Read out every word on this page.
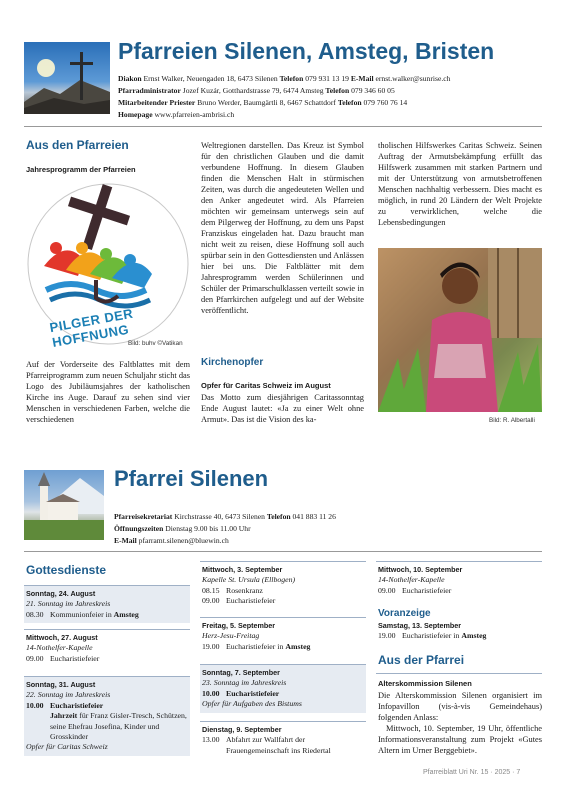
Pfarreien Silenen, Amsteg, Bristen
Diakon Ernst Walker, Neuengaden 18, 6473 Silenen Telefon 079 931 13 19 E-Mail ernst.walker@sunrise.ch
Pfarradministrator Jozef Kuzár, Gotthardstrasse 79, 6474 Amsteg Telefon 079 346 60 05
Mitarbeitender Priester Bruno Werder, Baumgärtli 8, 6467 Schattdorf Telefon 079 760 76 14
Homepage www.pfarreien-ambrisi.ch
Aus den Pfarreien
Jahresprogramm der Pfarreien
PILGER DER HOFFNUNG
Bild: buhv ©Vatikan
Auf der Vorderseite des Faltblattes mit dem Pfarreiprogramm zum neuen Schuljahr sticht das Logo des Jubiläumsjahres der katholischen Kirche ins Auge. Darauf zu sehen sind vier Menschen in verschiedenen Farben, welche die verschiedenen
Weltregionen darstellen. Das Kreuz ist Symbol für den christlichen Glauben und die damit verbundene Hoffnung. In diesem Glauben finden die Menschen Halt in stürmischen Zeiten, was durch die angedeuteten Wellen und den Anker angedeutet wird. Als Pfarreien möchten wir gemeinsam unterwegs sein auf dem Pilgerweg der Hoffnung, zu dem uns Papst Franziskus eingeladen hat. Dazu braucht man nicht weit zu reisen, diese Hoffnung soll auch spürbar sein in den Gottesdiensten und Anlässen hier bei uns. Die Faltblätter mit dem Jahresprogramm werden Schülerinnen und Schüler der Primarschulklassen verteilt sowie in den Pfarrkirchen aufgelegt und auf der Website veröffentlicht.
Kirchenopfer
Opfer für Caritas Schweiz im August
Das Motto zum diesjährigen Caritassonntag Ende August lautet: «Ja zu einer Welt ohne Armut». Das ist die Vision des ka-
tholischen Hilfswerkes Caritas Schweiz. Seinen Auftrag der Armutsbekämpfung erfüllt das Hilfswerk zusammen mit starken Partnern und mit der Unterstützung von armutsbetroffenen Menschen nachhaltig verbessern. Dies macht es möglich, in rund 20 Ländern der Welt Projekte zu verwirklichen, welche die Lebensbedingungen
Bild: R. Albertalli
Pfarrei Silenen
Pfarreisekretariat Kirchstrasse 40, 6473 Silenen Telefon 041 883 11 26
Öffnungszeiten Dienstag 9.00 bis 11.00 Uhr
E-Mail pfarramt.silenen@bluewin.ch
Gottesdienste
Sonntag, 24. August
21. Sonntag im Jahreskreis
08.30 Kommunionfeier in Amsteg
Mittwoch, 27. August
14-Nothelfer-Kapelle
09.00 Eucharistiefeier
Sonntag, 31. August
22. Sonntag im Jahreskreis
10.00 Eucharistiefeier
Jahrzeit für Franz Gisler-Tresch, Schützen, seine Ehefrau Josefina, Kinder und Grosskinder
Opfer für Caritas Schweiz
Mittwoch, 3. September
Kapelle St. Ursula (Ellbogen)
08.15 Rosenkranz
09.00 Eucharistiefeier
Freitag, 5. September
Herz-Jesu-Freitag
19.00 Eucharistiefeier in Amsteg
Sonntag, 7. September
23. Sonntag im Jahreskreis
10.00 Eucharistiefeier
Opfer für Aufgaben des Bistums
Dienstag, 9. September
13.00 Abfahrt zur Wallfahrt der Frauengemeinschaft ins Riedertal
Mittwoch, 10. September
14-Nothelfer-Kapelle
09.00 Eucharistiefeier
Voranzeige
Samstag, 13. September
19.00 Eucharistiefeier in Amsteg
Aus der Pfarrei
Alterskommission Silenen
Die Alterskommission Silenen organisiert im Infopavillon (vis-à-vis Gemeindehaus) folgenden Anlass:
Mittwoch, 10. September, 19 Uhr, öffentliche Informationsveranstaltung zum Projekt «Gutes Altern im Urner Berggebiet».
Pfarreiblatt Uri Nr. 15 · 2025 · 7
